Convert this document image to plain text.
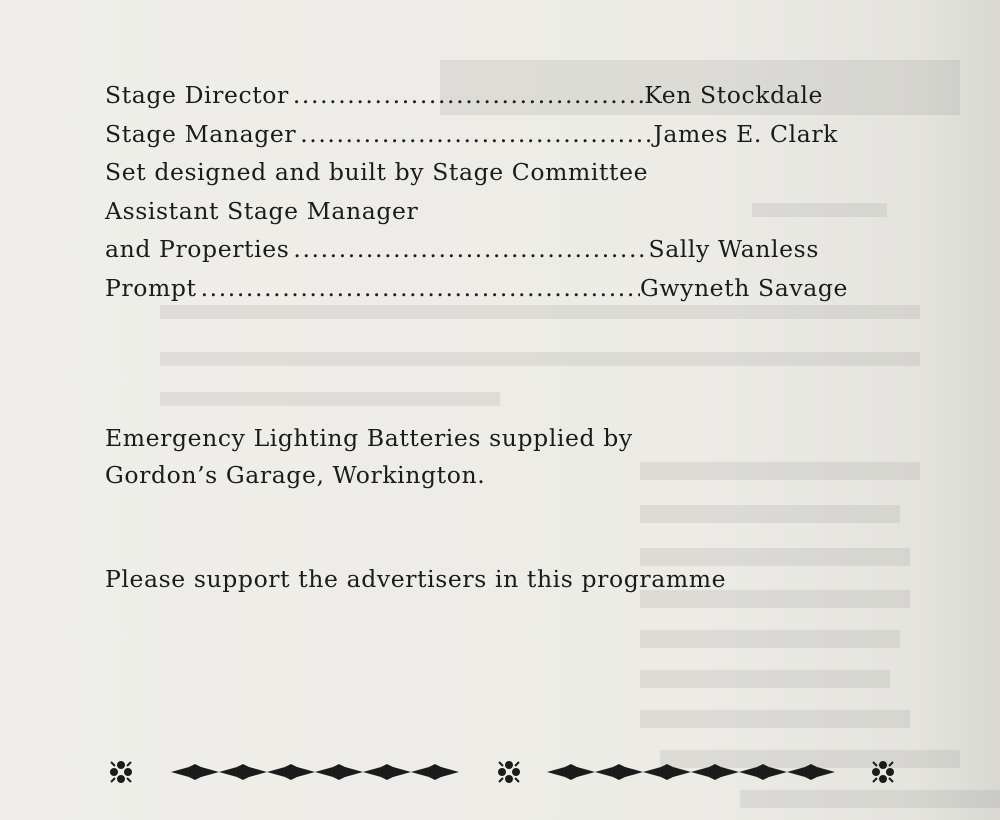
Stage Director .....	Ken Stockdale
Stage Manager .....	James E. Clark
Set designed and built by Stage Committee
Assistant Stage Manager
and Properties .....	Sally Wanless
Prompt .....	Gwyneth Savage
Emergency Lighting Batteries supplied by
Gordon’s Garage, Workington.
Please support the advertisers in this programme
